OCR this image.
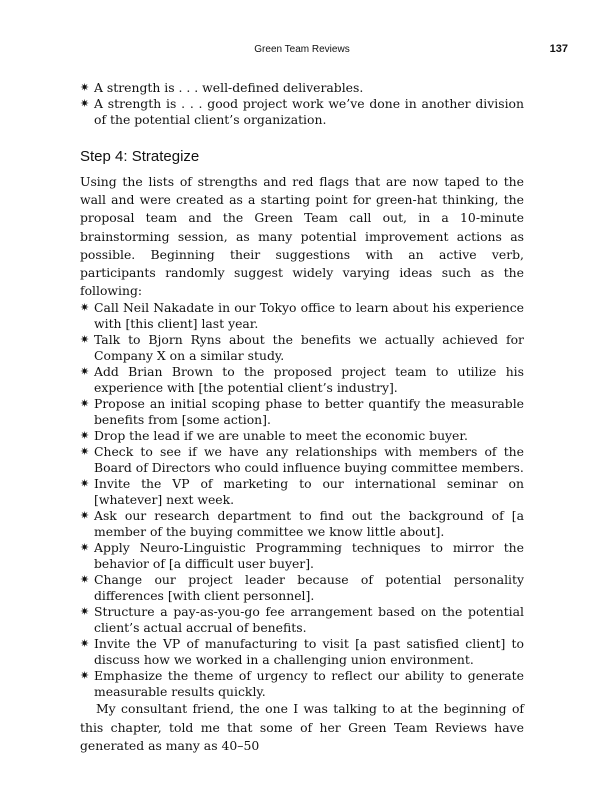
Green Team Reviews	137
✷ A strength is . . . well-defined deliverables.
✷ A strength is . . . good project work we’ve done in another division of the potential client’s organization.
Step 4: Strategize

Using the lists of strengths and red flags that are now taped to the wall and were created as a starting point for green-hat thinking, the proposal team and the Green Team call out, in a 10-minute brainstorming session, as many potential improvement actions as possible. Beginning their suggestions with an active verb, participants randomly suggest widely varying ideas such as the following:

✷ Call Neil Nakadate in our Tokyo office to learn about his experience with [this client] last year.
✷ Talk to Bjorn Ryns about the benefits we actually achieved for Company X on a similar study.
✷ Add Brian Brown to the proposed project team to utilize his experience with [the potential client’s industry].
✷ Propose an initial scoping phase to better quantify the measurable benefits from [some action].
✷ Drop the lead if we are unable to meet the economic buyer.
✷ Check to see if we have any relationships with members of the Board of Directors who could influence buying committee members.
✷ Invite the VP of marketing to our international seminar on [whatever] next week.
✷ Ask our research department to find out the background of [a member of the buying committee we know little about].
✷ Apply Neuro-Linguistic Programming techniques to mirror the behavior of [a difficult user buyer].
✷ Change our project leader because of potential personality differences [with client personnel].
✷ Structure a pay-as-you-go fee arrangement based on the potential client’s actual accrual of benefits.
✷ Invite the VP of manufacturing to visit [a past satisfied client] to discuss how we worked in a challenging union environment.
✷ Emphasize the theme of urgency to reflect our ability to generate measurable results quickly.

My consultant friend, the one I was talking to at the beginning of this chapter, told me that some of her Green Team Reviews have generated as many as 40–50
